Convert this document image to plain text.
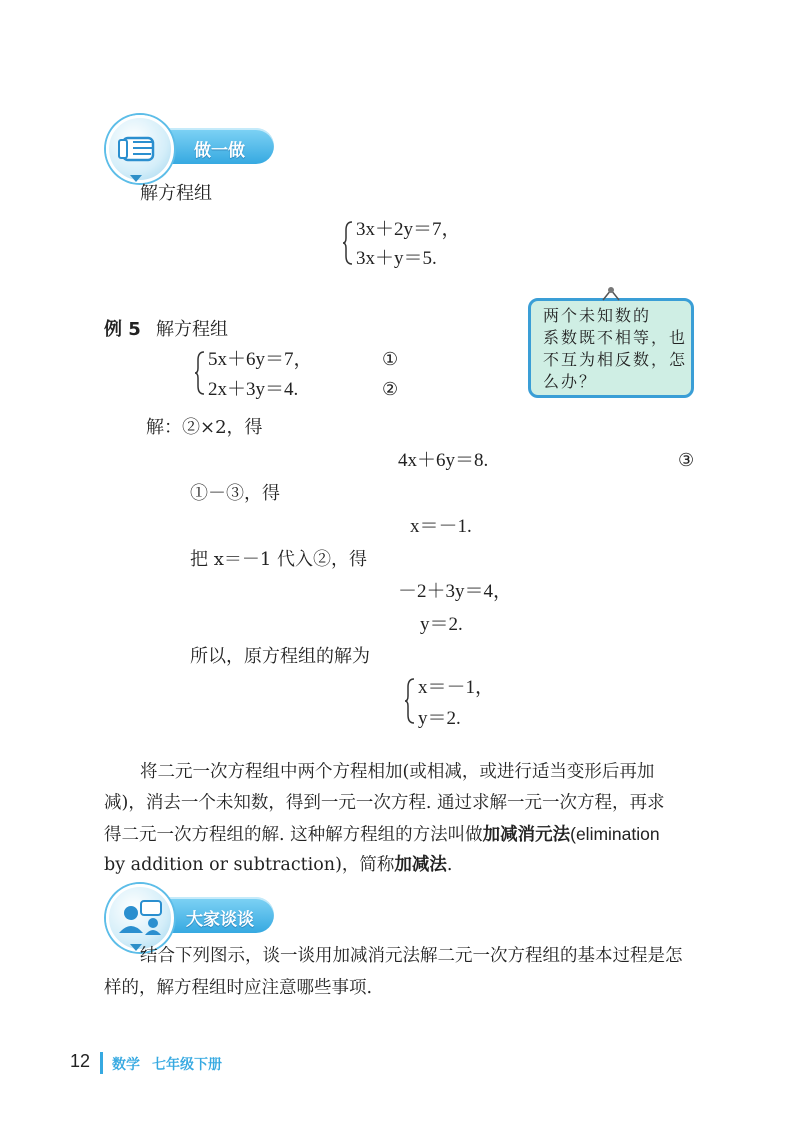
做一做
解方程组
3x＋2y＝7，
3x＋y＝5.
例 5 解方程组
5x＋6y＝7，	①
2x＋3y＝4.	②
两个未知数的
系数既不相等，也
不互为相反数，怎
么办？
解：②×2，得
4x＋6y＝8.	③
①－③，得
x＝－1.
把 x＝－1 代入②，得
－2＋3y＝4，
y＝2.
所以，原方程组的解为
x＝－1，
y＝2.
将二元一次方程组中两个方程相加(或相减，或进行适当变形后再加
减)，消去一个未知数，得到一元一次方程. 通过求解一元一次方程，再求
得二元一次方程组的解. 这种解方程组的方法叫做加减消元法(elimination
by addition or subtraction)，简称加减法.
大家谈谈
结合下列图示，谈一谈用加减消元法解二元一次方程组的基本过程是怎
样的，解方程组时应注意哪些事项.
12 数学 七年级下册
